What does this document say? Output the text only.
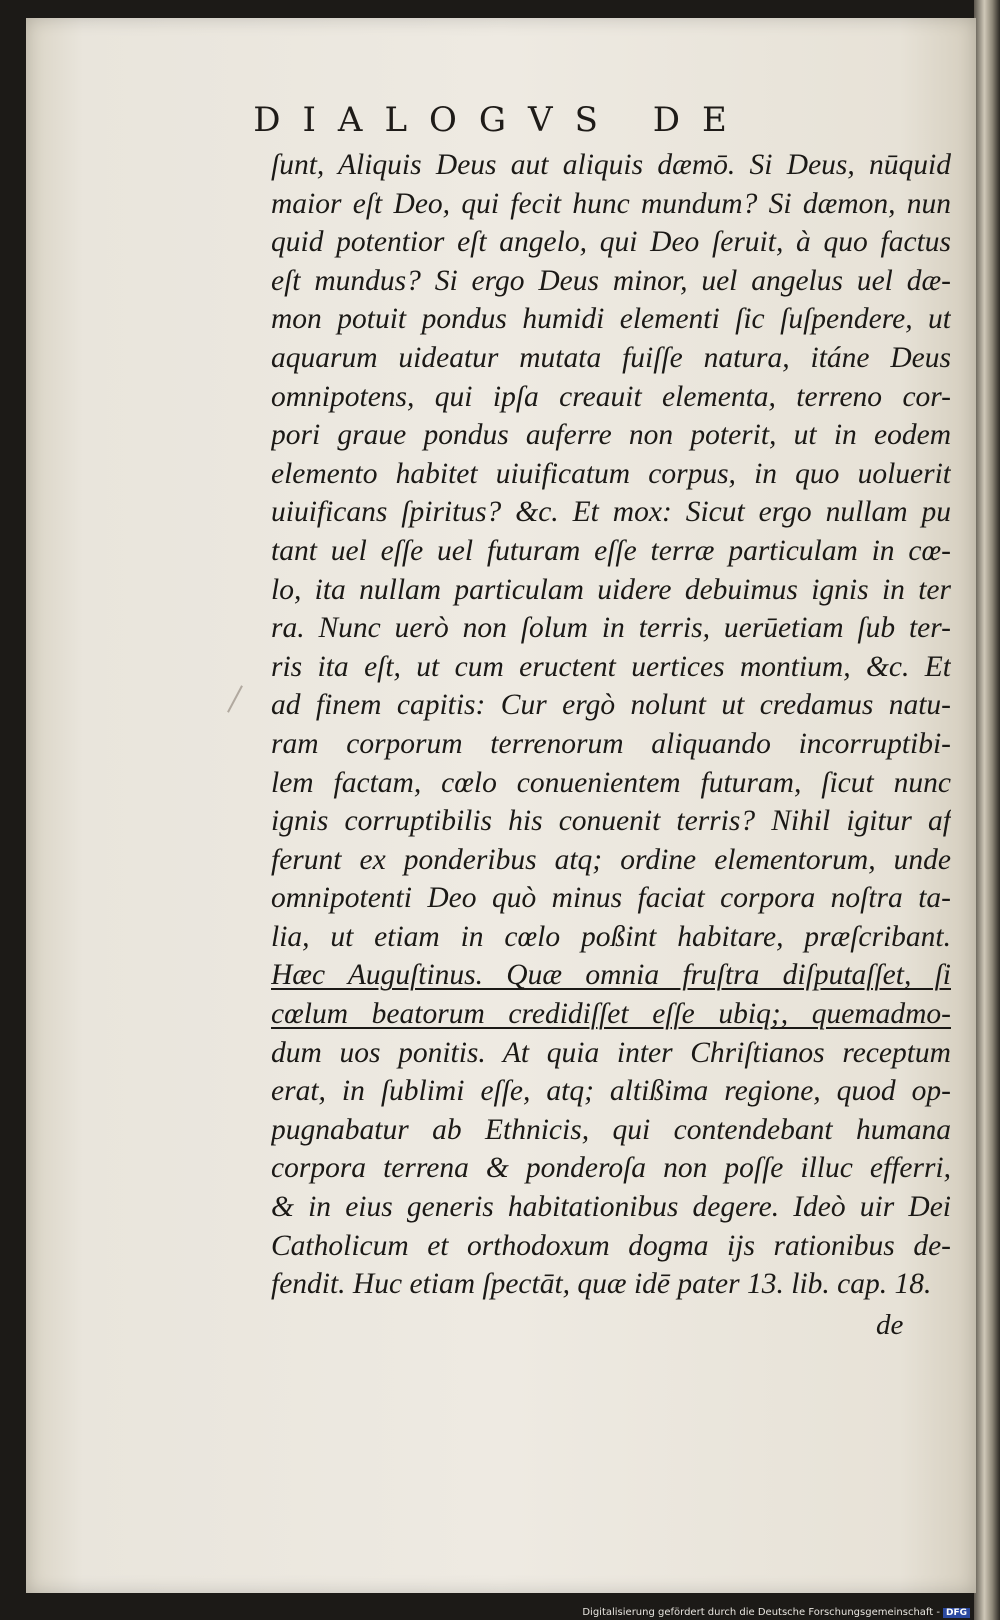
DIALOGVS DE
ſunt, Aliquis Deus aut aliquis dæmō. Si Deus, nūquid
maior eſt Deo, qui fecit hunc mundum? Si dæmon, nun
quid potentior eſt angelo, qui Deo ſeruit, à quo factus
eſt mundus? Si ergo Deus minor, uel angelus uel dæ-
mon potuit pondus humidi elementi ſic ſuſpendere, ut
aquarum uideatur mutata fuiſſe natura, itáne Deus
omnipotens, qui ipſa creauit elementa, terreno cor-
pori graue pondus auferre non poterit, ut in eodem
elemento habitet uiuificatum corpus, in quo uoluerit
uiuificans ſpiritus? &c. Et mox: Sicut ergo nullam pu
tant uel eſſe uel futuram eſſe terræ particulam in cœ-
lo, ita nullam particulam uidere debuimus ignis in ter
ra. Nunc uerò non ſolum in terris, uerūetiam ſub ter-
ris ita eſt, ut cum eructent uertices montium, &c. Et
ad finem capitis: Cur ergò nolunt ut credamus natu-
ram corporum terrenorum aliquando incorruptibi-
lem factam, cœlo conuenientem futuram, ſicut nunc
ignis corruptibilis his conuenit terris? Nihil igitur af
ferunt ex ponderibus atq; ordine elementorum, unde
omnipotenti Deo quò minus faciat corpora noſtra ta-
lia, ut etiam in cœlo poßint habitare, præſcribant.
Hæc Auguſtinus. Quæ omnia fruſtra diſputaſſet, ſi
cœlum beatorum credidiſſet eſſe ubiq;, quemadmo-
dum uos ponitis. At quia inter Chriſtianos receptum
erat, in ſublimi eſſe, atq; altißima regione, quod op-
pugnabatur ab Ethnicis, qui contendebant humana
corpora terrena & ponderoſa non poſſe illuc efferri,
& in eius generis habitationibus degere. Ideò uir Dei
Catholicum et orthodoxum dogma ijs rationibus de-
fendit. Huc etiam ſpectāt, quæ idē pater 13. lib. cap. 18.
de
Digitalisierung gefördert durch die Deutsche Forschungsgemeinschaft - DFG
